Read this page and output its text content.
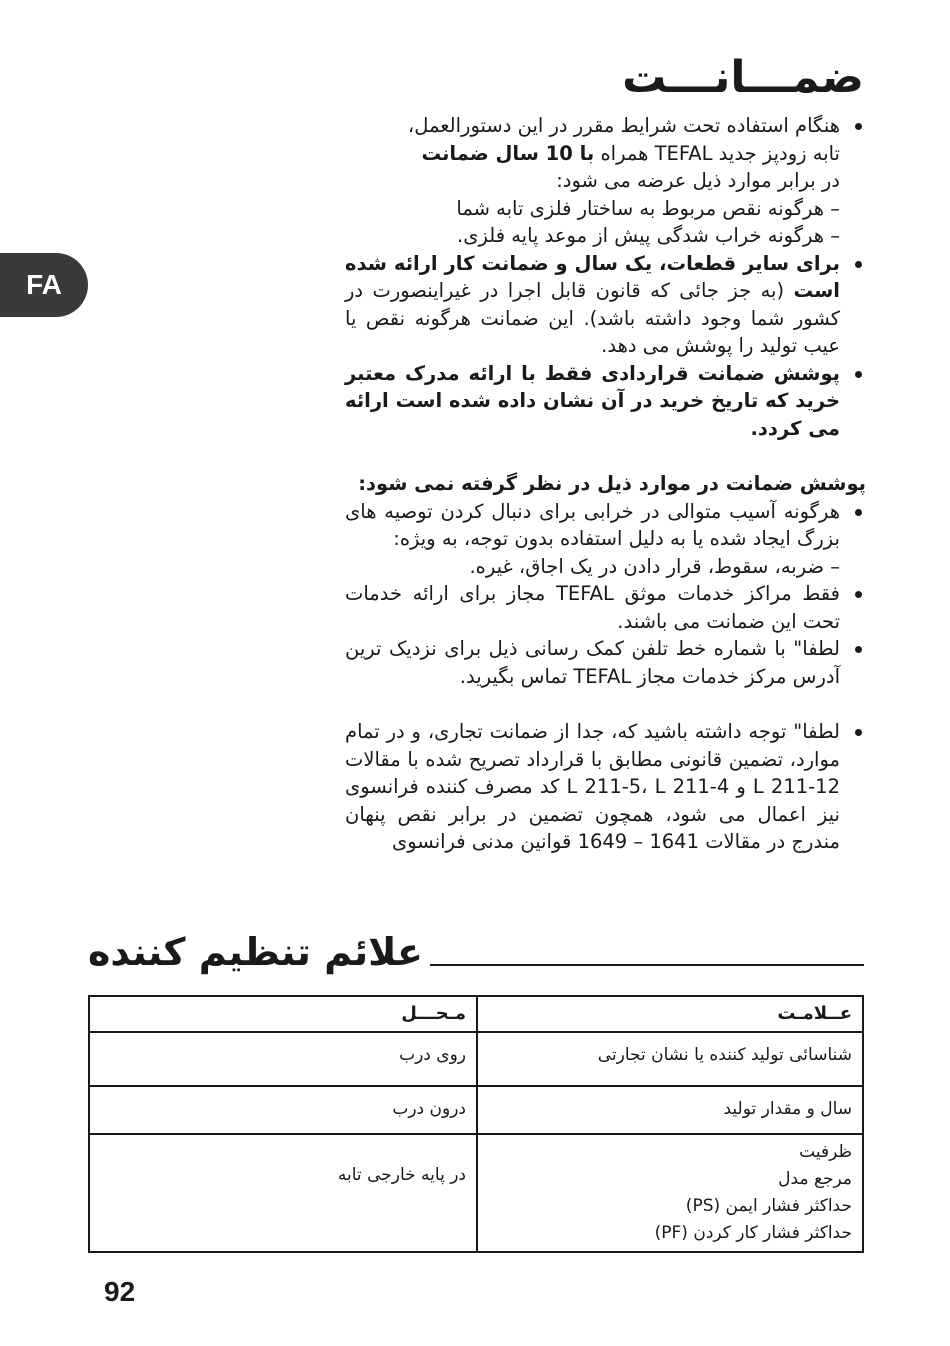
FA
ضمـــانـــت

هنگام استفاده تحت شرایط مقرر در این دستورالعمل،
تابه زودپز جدید TEFAL همراه با 10 سال ضمانت
در برابر موارد ذیل عرضه می شود:

– هرگونه نقص مربوط به ساختار فلزی تابه شما

– هرگونه خراب شدگی پیش از موعد پایه فلزی.

برای سایر قطعات، یک سال و ضمانت کار ارائه شده است (به جز جائی که قانون قابل اجرا در غیراینصورت در کشور شما وجود داشته باشد). این ضمانت هرگونه نقص یا عیب تولید را پوشش می دهد.

پوشش ضمانت قراردادی فقط با ارائه مدرک معتبر خرید که تاریخ خرید در آن نشان داده شده است ارائه می کردد.

پوشش ضمانت در موارد ذیل در نظر گرفته نمی شود:

هرگونه آسیب متوالی در خرابی برای دنبال کردن توصیه های بزرگ ایجاد شده یا به دلیل استفاده بدون توجه، به ویژه:

– ضربه، سقوط، قرار دادن در یک اجاق، غیره.

فقط مراکز خدمات موثق TEFAL مجاز برای ارائه خدمات تحت این ضمانت می باشند.

لطفا" با شماره خط تلفن کمک رسانی ذیل برای نزدیک ترین آدرس مرکز خدمات مجاز TEFAL تماس بگیرید.

لطفا" توجه داشته باشید که، جدا از ضمانت تجاری، و در تمام موارد، تضمین قانونی مطابق با قرارداد تصریح شده با مقالات L 211-12 و L 211-5، L 211-4 کد مصرف کننده فرانسوی نیز اعمال می شود، همچون تضمین در برابر نقص پنهان مندرج در مقالات 1641 – 1649 قوانین مدنی فرانسوی

علائم تنظیم کننده
عــلامـت	مـحـــل
شناسائی تولید کننده یا نشان تجارتی	روی درب
سال و مقدار تولید	درون درب

ظرفیت
مرجع مدل
حداکثر فشار ایمن (PS)
حداکثر فشار کار کردن (PF)	در پایه خارجی تابه
92
